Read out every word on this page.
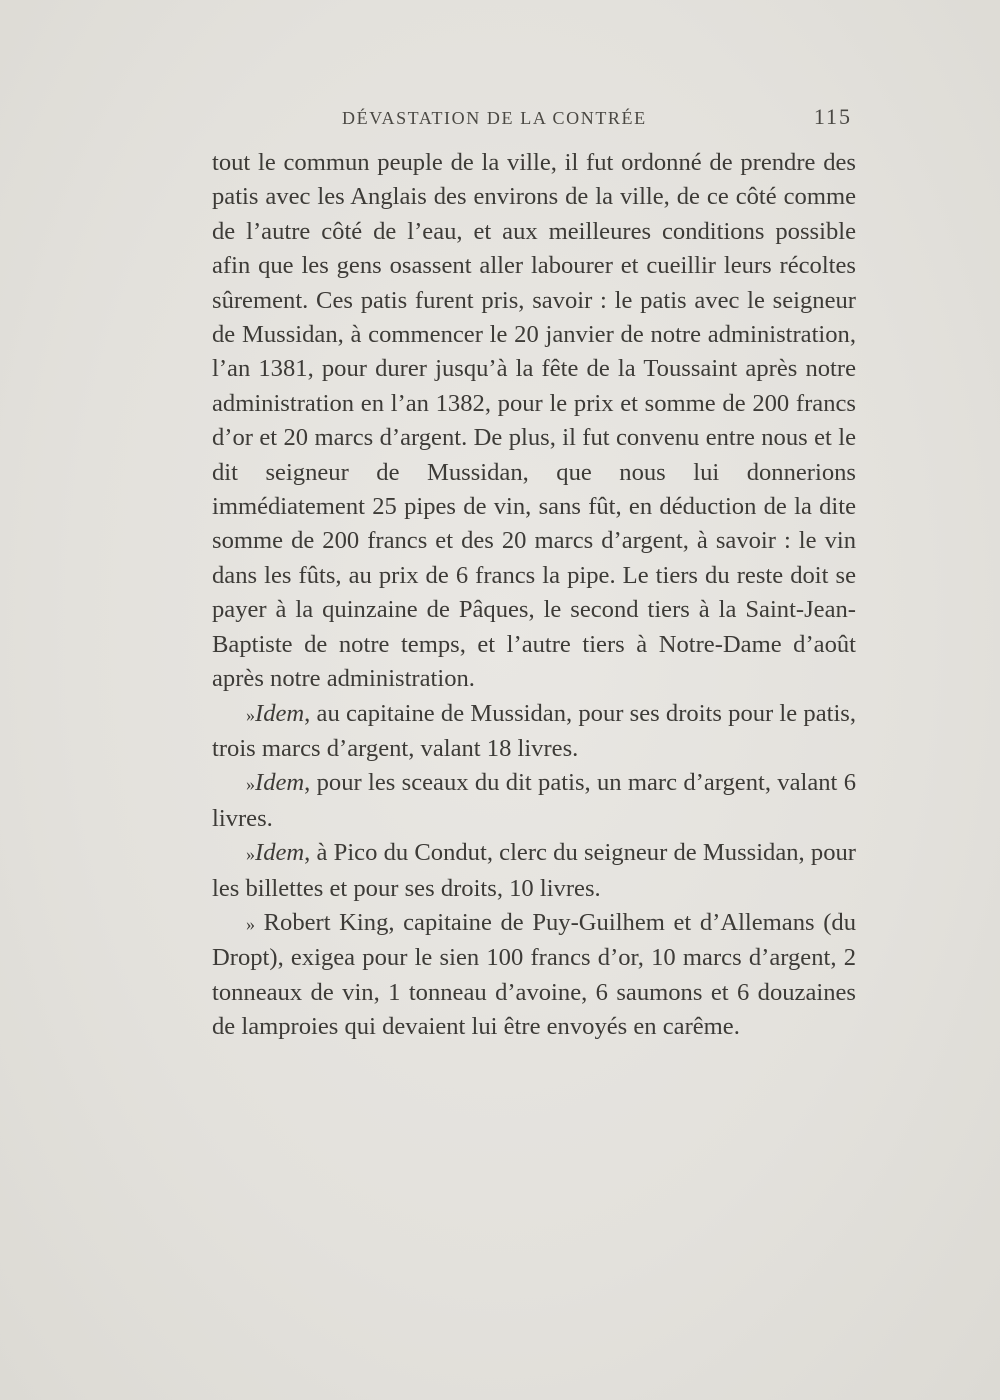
DÉVASTATION DE LA CONTRÉE	115

tout le commun peuple de la ville, il fut ordonné de prendre des patis avec les Anglais des environs de la ville, de ce côté comme de l’autre côté de l’eau, et aux meilleures conditions possible afin que les gens osassent aller labourer et cueillir leurs récoltes sûrement. Ces patis furent pris, savoir : le patis avec le seigneur de Mussidan, à commencer le 20 janvier de notre administration, l’an 1381, pour durer jusqu’à la fête de la Toussaint après notre administration en l’an 1382, pour le prix et somme de 200 francs d’or et 20 marcs d’argent. De plus, il fut convenu entre nous et le dit seigneur de Mussidan, que nous lui donnerions immédiatement 25 pipes de vin, sans fût, en déduction de la dite somme de 200 francs et des 20 marcs d’argent, à savoir : le vin dans les fûts, au prix de 6 francs la pipe. Le tiers du reste doit se payer à la quinzaine de Pâques, le second tiers à la Saint-Jean-Baptiste de notre temps, et l’autre tiers à Notre-Dame d’août après notre administration.

»Idem, au capitaine de Mussidan, pour ses droits pour le patis, trois marcs d’argent, valant 18 livres.

»Idem, pour les sceaux du dit patis, un marc d’argent, valant 6 livres.

»Idem, à Pico du Condut, clerc du seigneur de Mussidan, pour les billettes et pour ses droits, 10 livres.

» Robert King, capitaine de Puy-Guilhem et d’Allemans (du Dropt), exigea pour le sien 100 francs d’or, 10 marcs d’argent, 2 tonneaux de vin, 1 tonneau d’avoine, 6 saumons et 6 douzaines de lamproies qui devaient lui être envoyés en carême.
